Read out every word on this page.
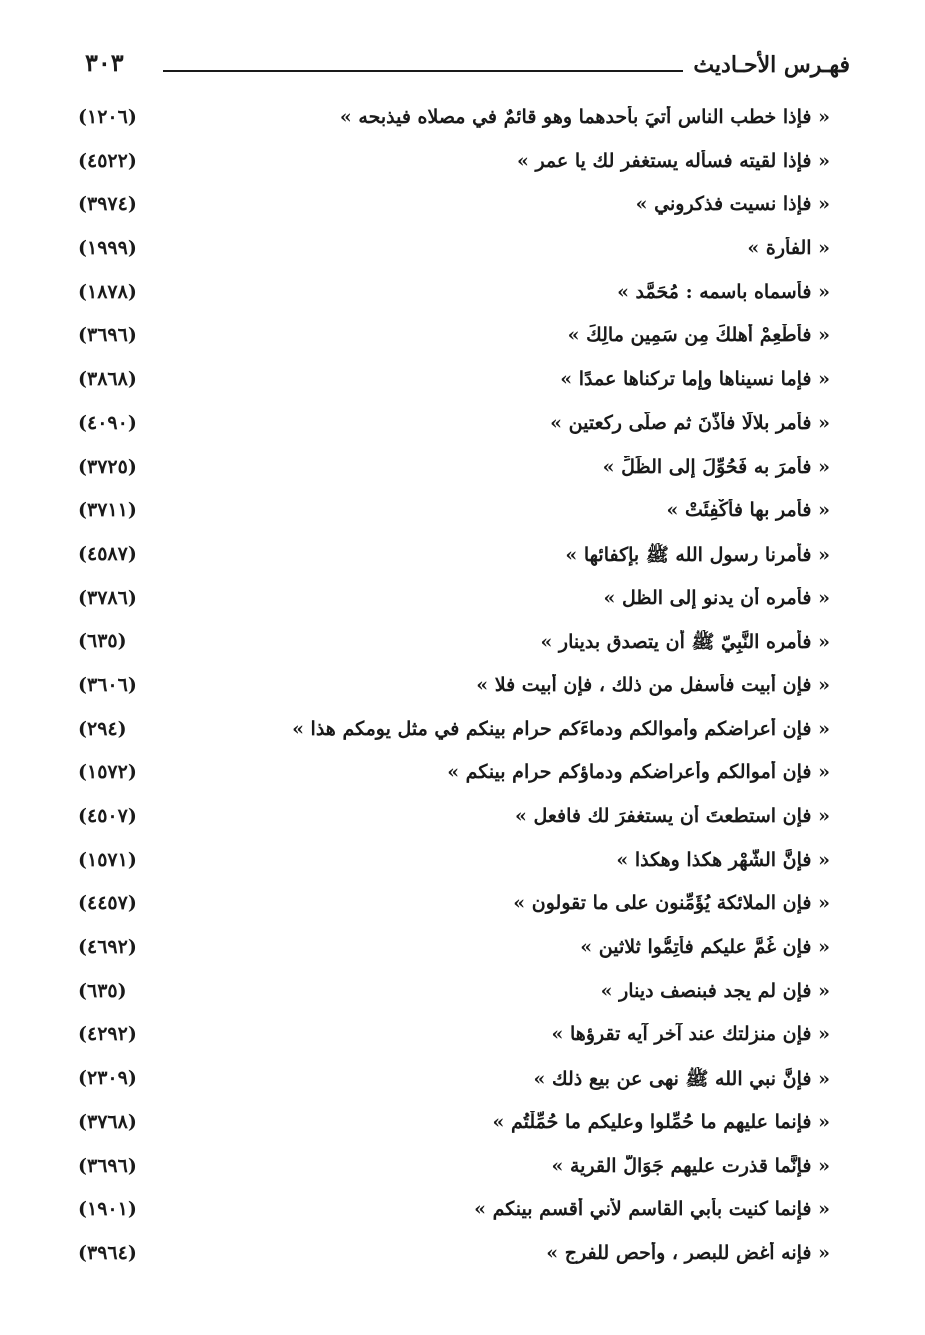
٣٠٣	فهـرس الأحـاديث
« فإذا خطب الناس أُتيَ بأحدهما وهو قائمٌ في مصلاه فيذبحه »
(١٢٠٦)
« فإذا لقيته فسأله يستغفر لك يا عمر »
(٤٥٢٢)
« فإذا نسيت فذكروني »
(٣٩٧٤)
« الفأرة »
(١٩٩٩)
« فأسماه باسمه : مُحَمَّد »
(١٨٧٨)
« فأَطْعِمْ أهلكَ مِن سَمِين مالِكَ »
(٣٦٩٦)
« فإما نسيناها وإما تركناها عمدًا »
(٣٨٦٨)
« فأمر بلالًا فأذَّنَ ثم صلَّى ركعتين »
(٤٠٩٠)
« فأمرَ به فَحُوِّلَ إلى الظِّلِّ »
(٣٧٢٥)
« فأمر بها فأُكْفِئَتْ »
(٣٧١١)
« فأمرنا رسول الله ﷺ بإكفائها »
(٤٥٨٧)
« فأمره أن يدنو إلى الظل »
(٣٧٨٦)
« فأمره النَّبِيّ ﷺ أن يتصدق بدينار »
(٦٣٥)
« فإن أبيت فأسفل من ذلك ، فإن أبيت فلا »
(٣٦٠٦)
« فإن أعراضكم وأموالكم ودماءَكم حرام بينكم في مثل يومكم هذا »
(٢٩٤)
« فإن أموالكم وأعراضكم ودماؤكم حرام بينكم »
(١٥٧٢)
« فإن استطعتَ أن يستغفرَ لك فافعل »
(٤٥٠٧)
« فإنَّ الشَّهْر هكذا وهكذا »
(١٥٧١)
« فإن الملائكة يُؤَمِّنون على ما تقولون »
(٤٤٥٧)
« فإن غُمَّ عليكم فأتِمُّوا ثلاثين »
(٤٦٩٢)
« فإن لم يجد فبنصف دينار »
(٦٣٥)
« فإن منزلتك عند آخر آيه تقرؤها »
(٤٢٩٢)
« فإنَّ نبي الله ﷺ نهى عن بيع ذلك »
(٢٣٠٩)
« فإنما عليهم ما حُمِّلوا وعليكم ما حُمِّلْتُم »
(٣٧٦٨)
« فإنَّما قذرت عليهم جَوَالَّ القرية »
(٣٦٩٦)
« فإنما كنيت بأبي القاسم لأني أقسم بينكم »
(١٩٠١)
« فإنه أغض للبصر ، وأحص للفرج »
(٣٩٦٤)
